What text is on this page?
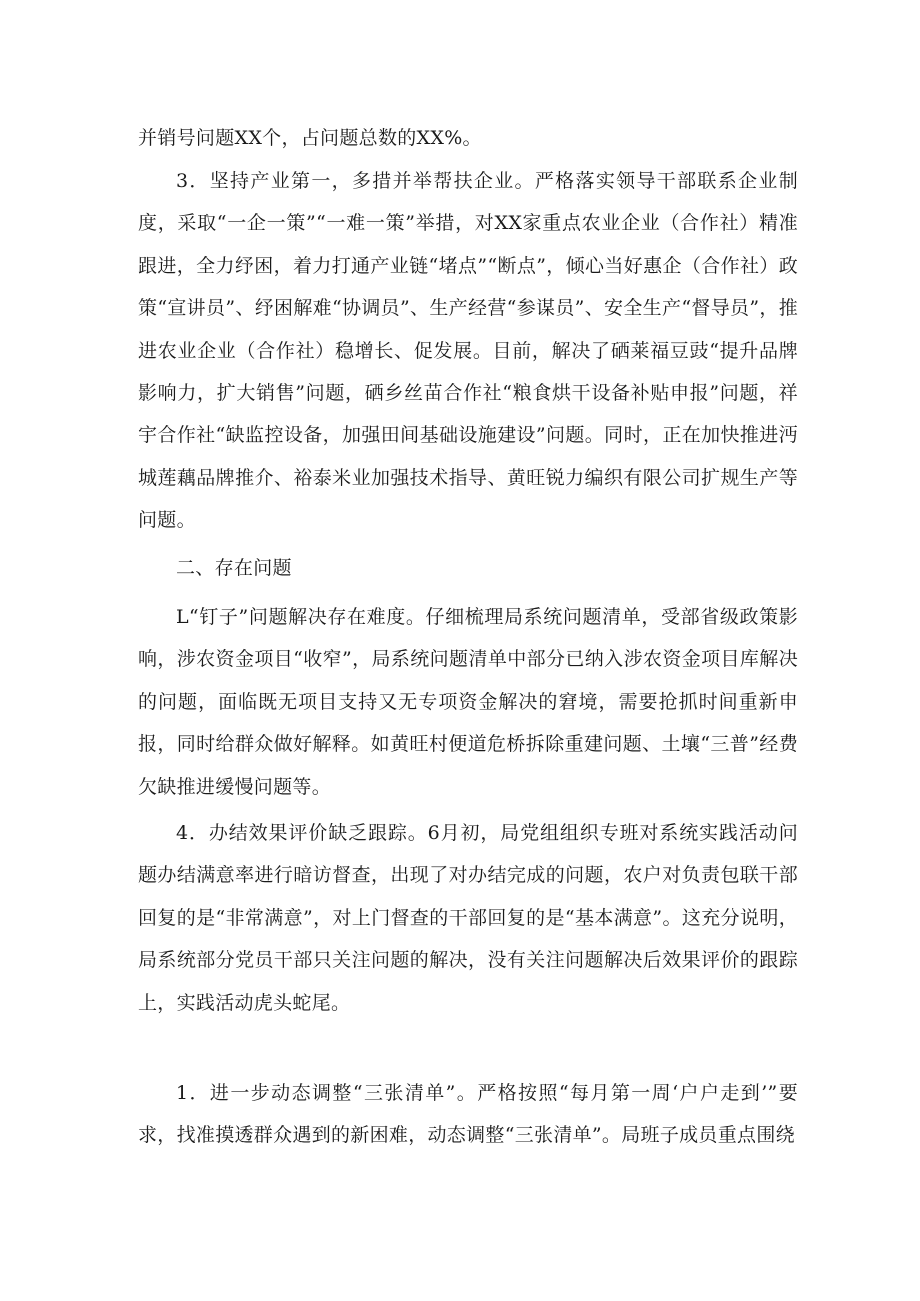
并销号问题XX个，占问题总数的XX%。

3．坚持产业第一，多措并举帮扶企业。严格落实领导干部联系企业制度，采取“一企一策”“一难一策”举措，对XX家重点农业企业（合作社）精准跟进，全力纾困，着力打通产业链“堵点”“断点”，倾心当好惠企（合作社）政策“宣讲员”、纾困解难“协调员”、生产经营“参谋员”、安全生产“督导员”，推进农业企业（合作社）稳增长、促发展。目前，解决了硒莱福豆豉“提升品牌影响力，扩大销售”问题，硒乡丝苗合作社“粮食烘干设备补贴申报”问题，祥宇合作社“缺监控设备，加强田间基础设施建设”问题。同时，正在加快推进沔城莲藕品牌推介、裕泰米业加强技术指导、黄旺锐力编织有限公司扩规生产等问题。

二、存在问题

L“钉子”问题解决存在难度。仔细梳理局系统问题清单，受部省级政策影响，涉农资金项目“收窄”，局系统问题清单中部分已纳入涉农资金项目库解决的问题，面临既无项目支持又无专项资金解决的窘境，需要抢抓时间重新申报，同时给群众做好解释。如黄旺村便道危桥拆除重建问题、土壤“三普”经费欠缺推进缓慢问题等。

4．办结效果评价缺乏跟踪。6月初，局党组组织专班对系统实践活动问题办结满意率进行暗访督查，出现了对办结完成的问题，农户对负责包联干部回复的是“非常满意”，对上门督查的干部回复的是“基本满意”。这充分说明，局系统部分党员干部只关注问题的解决，没有关注问题解决后效果评价的跟踪上，实践活动虎头蛇尾。

1．进一步动态调整“三张清单”。严格按照“每月第一周‘户户走到’”要求，找准摸透群众遇到的新困难，动态调整“三张清单”。局班子成员重点围绕
